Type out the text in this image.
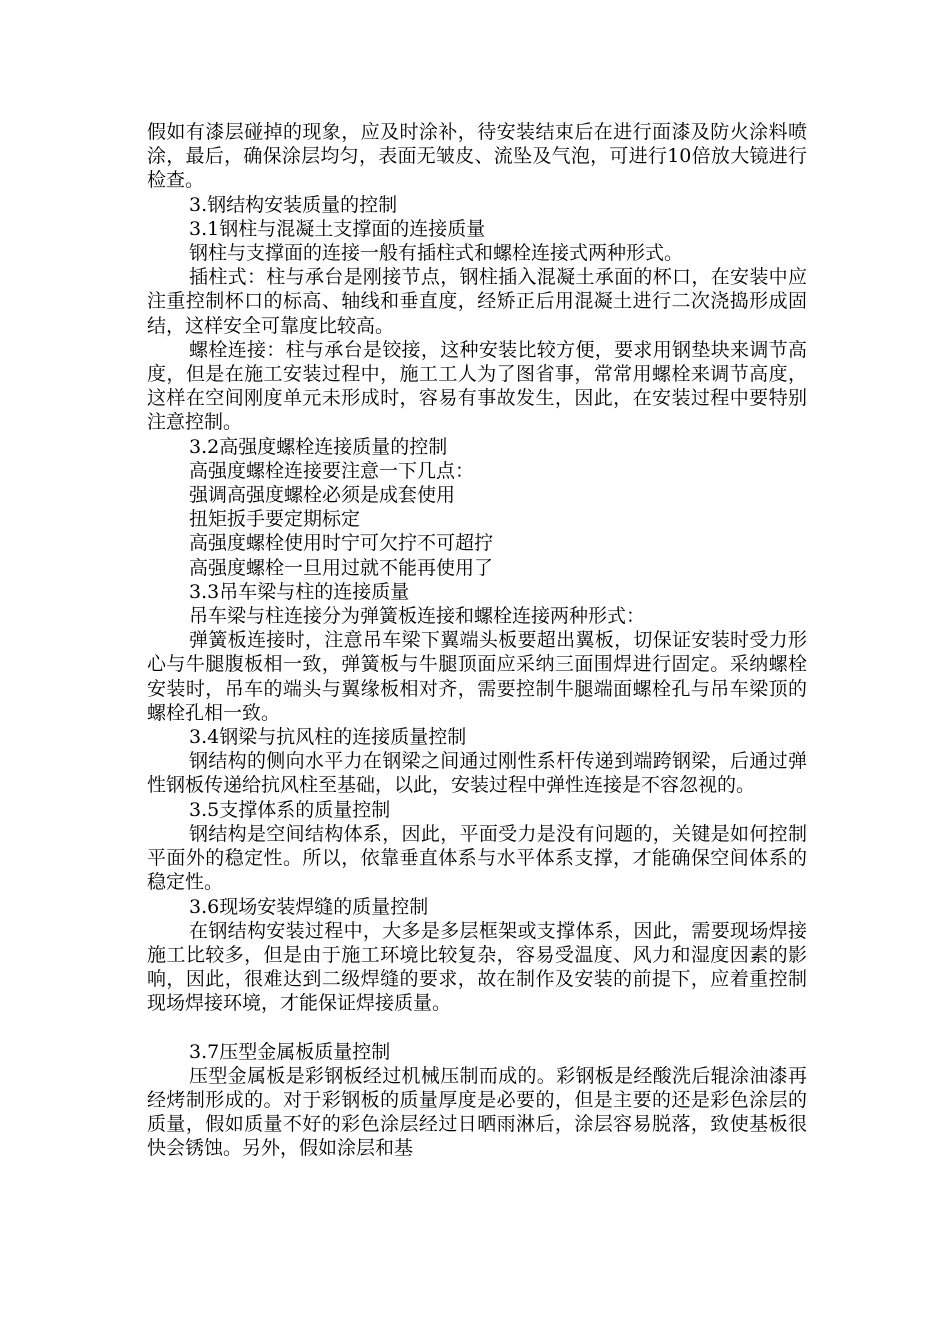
假如有漆层碰掉的现象，应及时涂补，待安装结束后在进行面漆及防火涂料喷涂，最后，确保涂层均匀，表面无皱皮、流坠及气泡，可进行10倍放大镜进行检查。

3.钢结构安装质量的控制

3.1钢柱与混凝土支撑面的连接质量

钢柱与支撑面的连接一般有插柱式和螺栓连接式两种形式。

插柱式：柱与承台是刚接节点，钢柱插入混凝土承面的杯口，在安装中应注重控制杯口的标高、轴线和垂直度，经矫正后用混凝土进行二次浇捣形成固结，这样安全可靠度比较高。

螺栓连接：柱与承台是铰接，这种安装比较方便，要求用钢垫块来调节高度，但是在施工安装过程中，施工工人为了图省事，常常用螺栓来调节高度，这样在空间刚度单元未形成时，容易有事故发生，因此，在安装过程中要特别注意控制。

3.2高强度螺栓连接质量的控制

高强度螺栓连接要注意一下几点：

强调高强度螺栓必须是成套使用

扭矩扳手要定期标定

高强度螺栓使用时宁可欠拧不可超拧

高强度螺栓一旦用过就不能再使用了

3.3吊车梁与柱的连接质量

吊车梁与柱连接分为弹簧板连接和螺栓连接两种形式：

弹簧板连接时，注意吊车梁下翼端头板要超出翼板，切保证安装时受力形心与牛腿腹板相一致，弹簧板与牛腿顶面应采纳三面围焊进行固定。采纳螺栓安装时，吊车的端头与翼缘板相对齐，需要控制牛腿端面螺栓孔与吊车梁顶的螺栓孔相一致。

3.4钢梁与抗风柱的连接质量控制

钢结构的侧向水平力在钢梁之间通过刚性系杆传递到端跨钢梁，后通过弹性钢板传递给抗风柱至基础，以此，安装过程中弹性连接是不容忽视的。

3.5支撑体系的质量控制

钢结构是空间结构体系，因此，平面受力是没有问题的，关键是如何控制平面外的稳定性。所以，依靠垂直体系与水平体系支撑，才能确保空间体系的稳定性。

3.6现场安装焊缝的质量控制

在钢结构安装过程中，大多是多层框架或支撑体系，因此，需要现场焊接施工比较多，但是由于施工环境比较复杂，容易受温度、风力和湿度因素的影响，因此，很难达到二级焊缝的要求，故在制作及安装的前提下，应着重控制现场焊接环境，才能保证焊接质量。

3.7压型金属板质量控制

压型金属板是彩钢板经过机械压制而成的。彩钢板是经酸洗后辊涂油漆再经烤制形成的。对于彩钢板的质量厚度是必要的，但是主要的还是彩色涂层的质量，假如质量不好的彩色涂层经过日晒雨淋后，涂层容易脱落，致使基板很快会锈蚀。另外，假如涂层和基
